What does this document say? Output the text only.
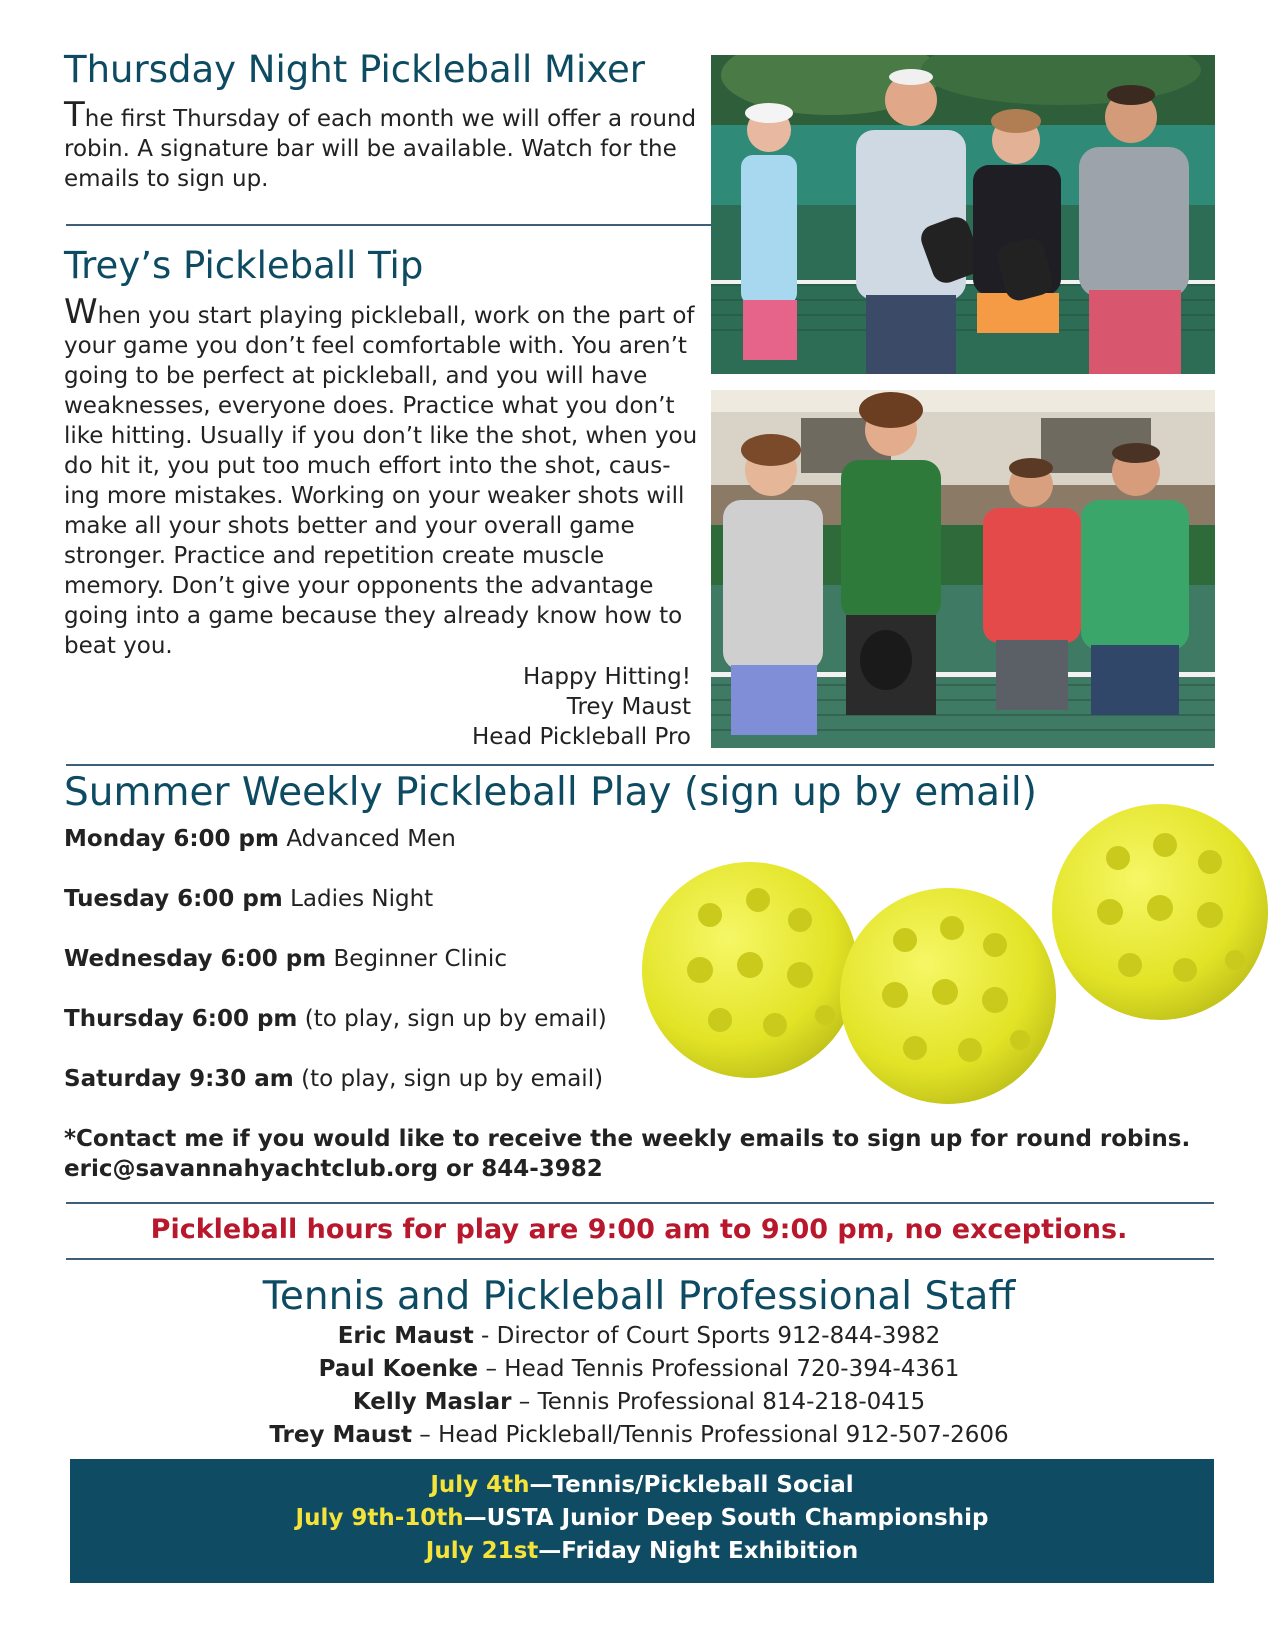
Thursday Night Pickleball Mixer

The first Thursday of each month we will offer a round robin. A signature bar will be available. Watch for the emails to sign up.

Trey’s Pickleball Tip

When you start playing pickleball, work on the part of your game you don’t feel comfortable with. You aren’t going to be perfect at pickleball, and you will have weaknesses, everyone does. Practice what you don’t like hitting. Usually if you don’t like the shot, when you do hit it, you put too much effort into the shot, caus-ing more mistakes. Working on your weaker shots will make all your shots better and your overall game stronger. Practice and repetition create muscle memory. Don’t give your opponents the advantage going into a game because they already know how to beat you.

Happy Hitting!
Trey Maust
Head Pickleball Pro
Summer Weekly Pickleball Play (sign up by email)
Monday 6:00 pm Advanced Men
Tuesday 6:00 pm Ladies Night
Wednesday 6:00 pm Beginner Clinic
Thursday 6:00 pm (to play, sign up by email)
Saturday 9:30 am (to play, sign up by email)
*Contact me if you would like to receive the weekly emails to sign up for round robins.
eric@savannahyachtclub.org or 844-3982
Pickleball hours for play are 9:00 am to 9:00 pm, no exceptions.
Tennis and Pickleball Professional Staff
Eric Maust - Director of Court Sports 912-844-3982
Paul Koenke – Head Tennis Professional 720-394-4361
Kelly Maslar – Tennis Professional 814-218-0415
Trey Maust – Head Pickleball/Tennis Professional 912-507-2606
July 4th—Tennis/Pickleball Social
July 9th-10th—USTA Junior Deep South Championship
July 21st—Friday Night Exhibition
